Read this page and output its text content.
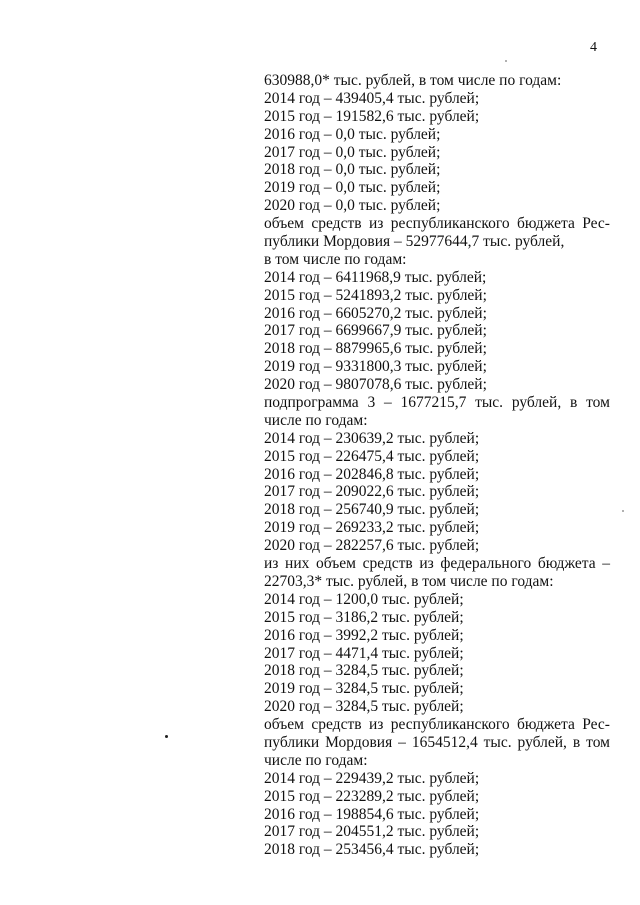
4
630988,0* тыс. рублей, в том числе по годам:
2014 год – 439405,4 тыс. рублей;
2015 год – 191582,6 тыс. рублей;
2016 год – 0,0 тыс. рублей;
2017 год – 0,0 тыс. рублей;
2018 год – 0,0 тыс. рублей;
2019 год – 0,0 тыс. рублей;
2020 год – 0,0 тыс. рублей;
объем средств из республиканского бюджета Рес-
публики Мордовия – 52977644,7 тыс. рублей,
в том числе по годам:
2014 год – 6411968,9 тыс. рублей;
2015 год – 5241893,2 тыс. рублей;
2016 год – 6605270,2 тыс. рублей;
2017 год – 6699667,9 тыс. рублей;
2018 год – 8879965,6 тыс. рублей;
2019 год – 9331800,3 тыс. рублей;
2020 год – 9807078,6 тыс. рублей;
подпрограмма 3 – 1677215,7 тыс. рублей, в том
числе по годам:
2014 год – 230639,2 тыс. рублей;
2015 год – 226475,4 тыс. рублей;
2016 год – 202846,8 тыс. рублей;
2017 год – 209022,6 тыс. рублей;
2018 год – 256740,9 тыс. рублей;
2019 год – 269233,2 тыс. рублей;
2020 год – 282257,6 тыс. рублей;
из них объем средств из федерального бюджета –
22703,3* тыс. рублей, в том числе по годам:
2014 год – 1200,0 тыс. рублей;
2015 год – 3186,2 тыс. рублей;
2016 год – 3992,2 тыс. рублей;
2017 год – 4471,4 тыс. рублей;
2018 год – 3284,5 тыс. рублей;
2019 год – 3284,5 тыс. рублей;
2020 год – 3284,5 тыс. рублей;
объем средств из республиканского бюджета Рес-
публики Мордовия – 1654512,4 тыс. рублей, в том
числе по годам:
2014 год – 229439,2 тыс. рублей;
2015 год – 223289,2 тыс. рублей;
2016 год – 198854,6 тыс. рублей;
2017 год – 204551,2 тыс. рублей;
2018 год – 253456,4 тыс. рублей;
